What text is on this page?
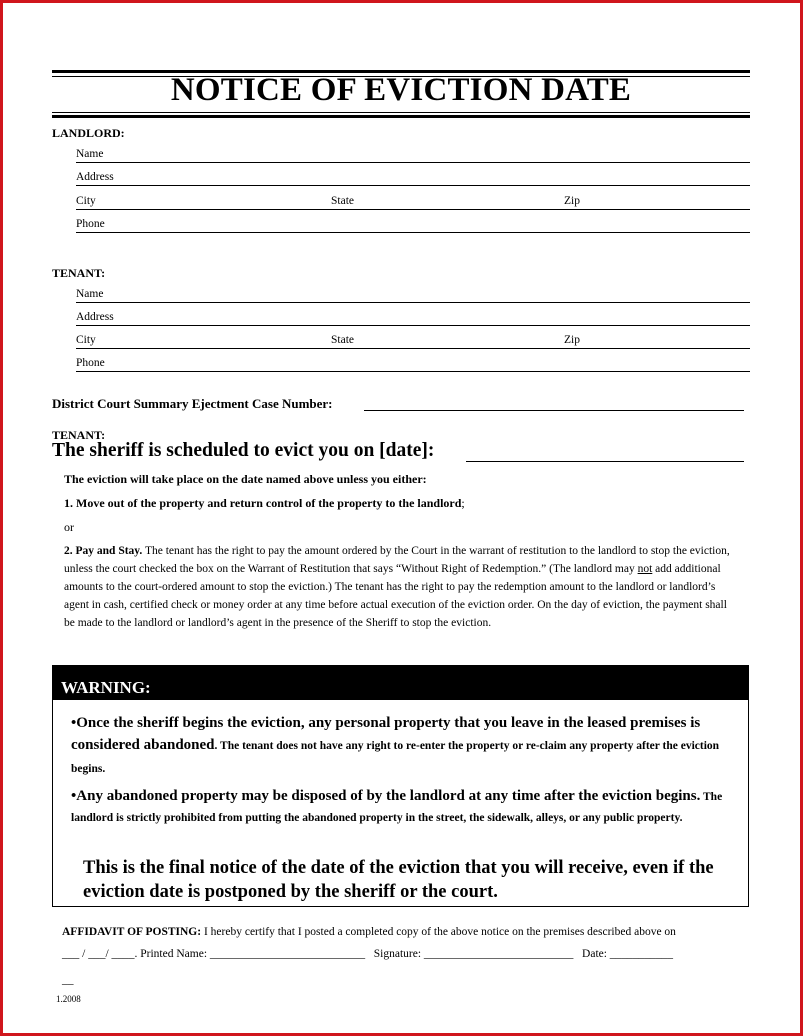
NOTICE OF EVICTION DATE
LANDLORD:
Name
Address
City	State	Zip
Phone
TENANT:
Name
Address
City	State	Zip
Phone
District Court Summary Ejectment Case Number:
TENANT:
The sheriff is scheduled to evict you on [date]:
The eviction will take place on the date named above unless you either:
1. Move out of the property and return control of the property to the landlord;
or
2. Pay and Stay. The tenant has the right to pay the amount ordered by the Court in the warrant of restitution to the landlord to stop the eviction, unless the court checked the box on the Warrant of Restitution that says “Without Right of Redemption.” (The landlord may not add additional amounts to the court-ordered amount to stop the eviction.) The tenant has the right to pay the redemption amount to the landlord or landlord’s agent in cash, certified check or money order at any time before actual execution of the eviction order. On the day of eviction, the payment shall be made to the landlord or landlord’s agent in the presence of the Sheriff to stop the eviction.
WARNING:
•Once the sheriff begins the eviction, any personal property that you leave in the leased premises is considered abandoned. The tenant does not have any right to re-enter the property or re-claim any property after the eviction begins.
•Any abandoned property may be disposed of by the landlord at any time after the eviction begins. The landlord is strictly prohibited from putting the abandoned property in the street, the sidewalk, alleys, or any public property.
This is the final notice of the date of the eviction that you will receive, even if the eviction date is postponed by the sheriff or the court.
AFFIDAVIT OF POSTING: I hereby certify that I posted a completed copy of the above notice on the premises described above on
___ / ___/ ____. Printed Name: ___________________________   Signature: __________________________   Date: ___________
__
1.2008
